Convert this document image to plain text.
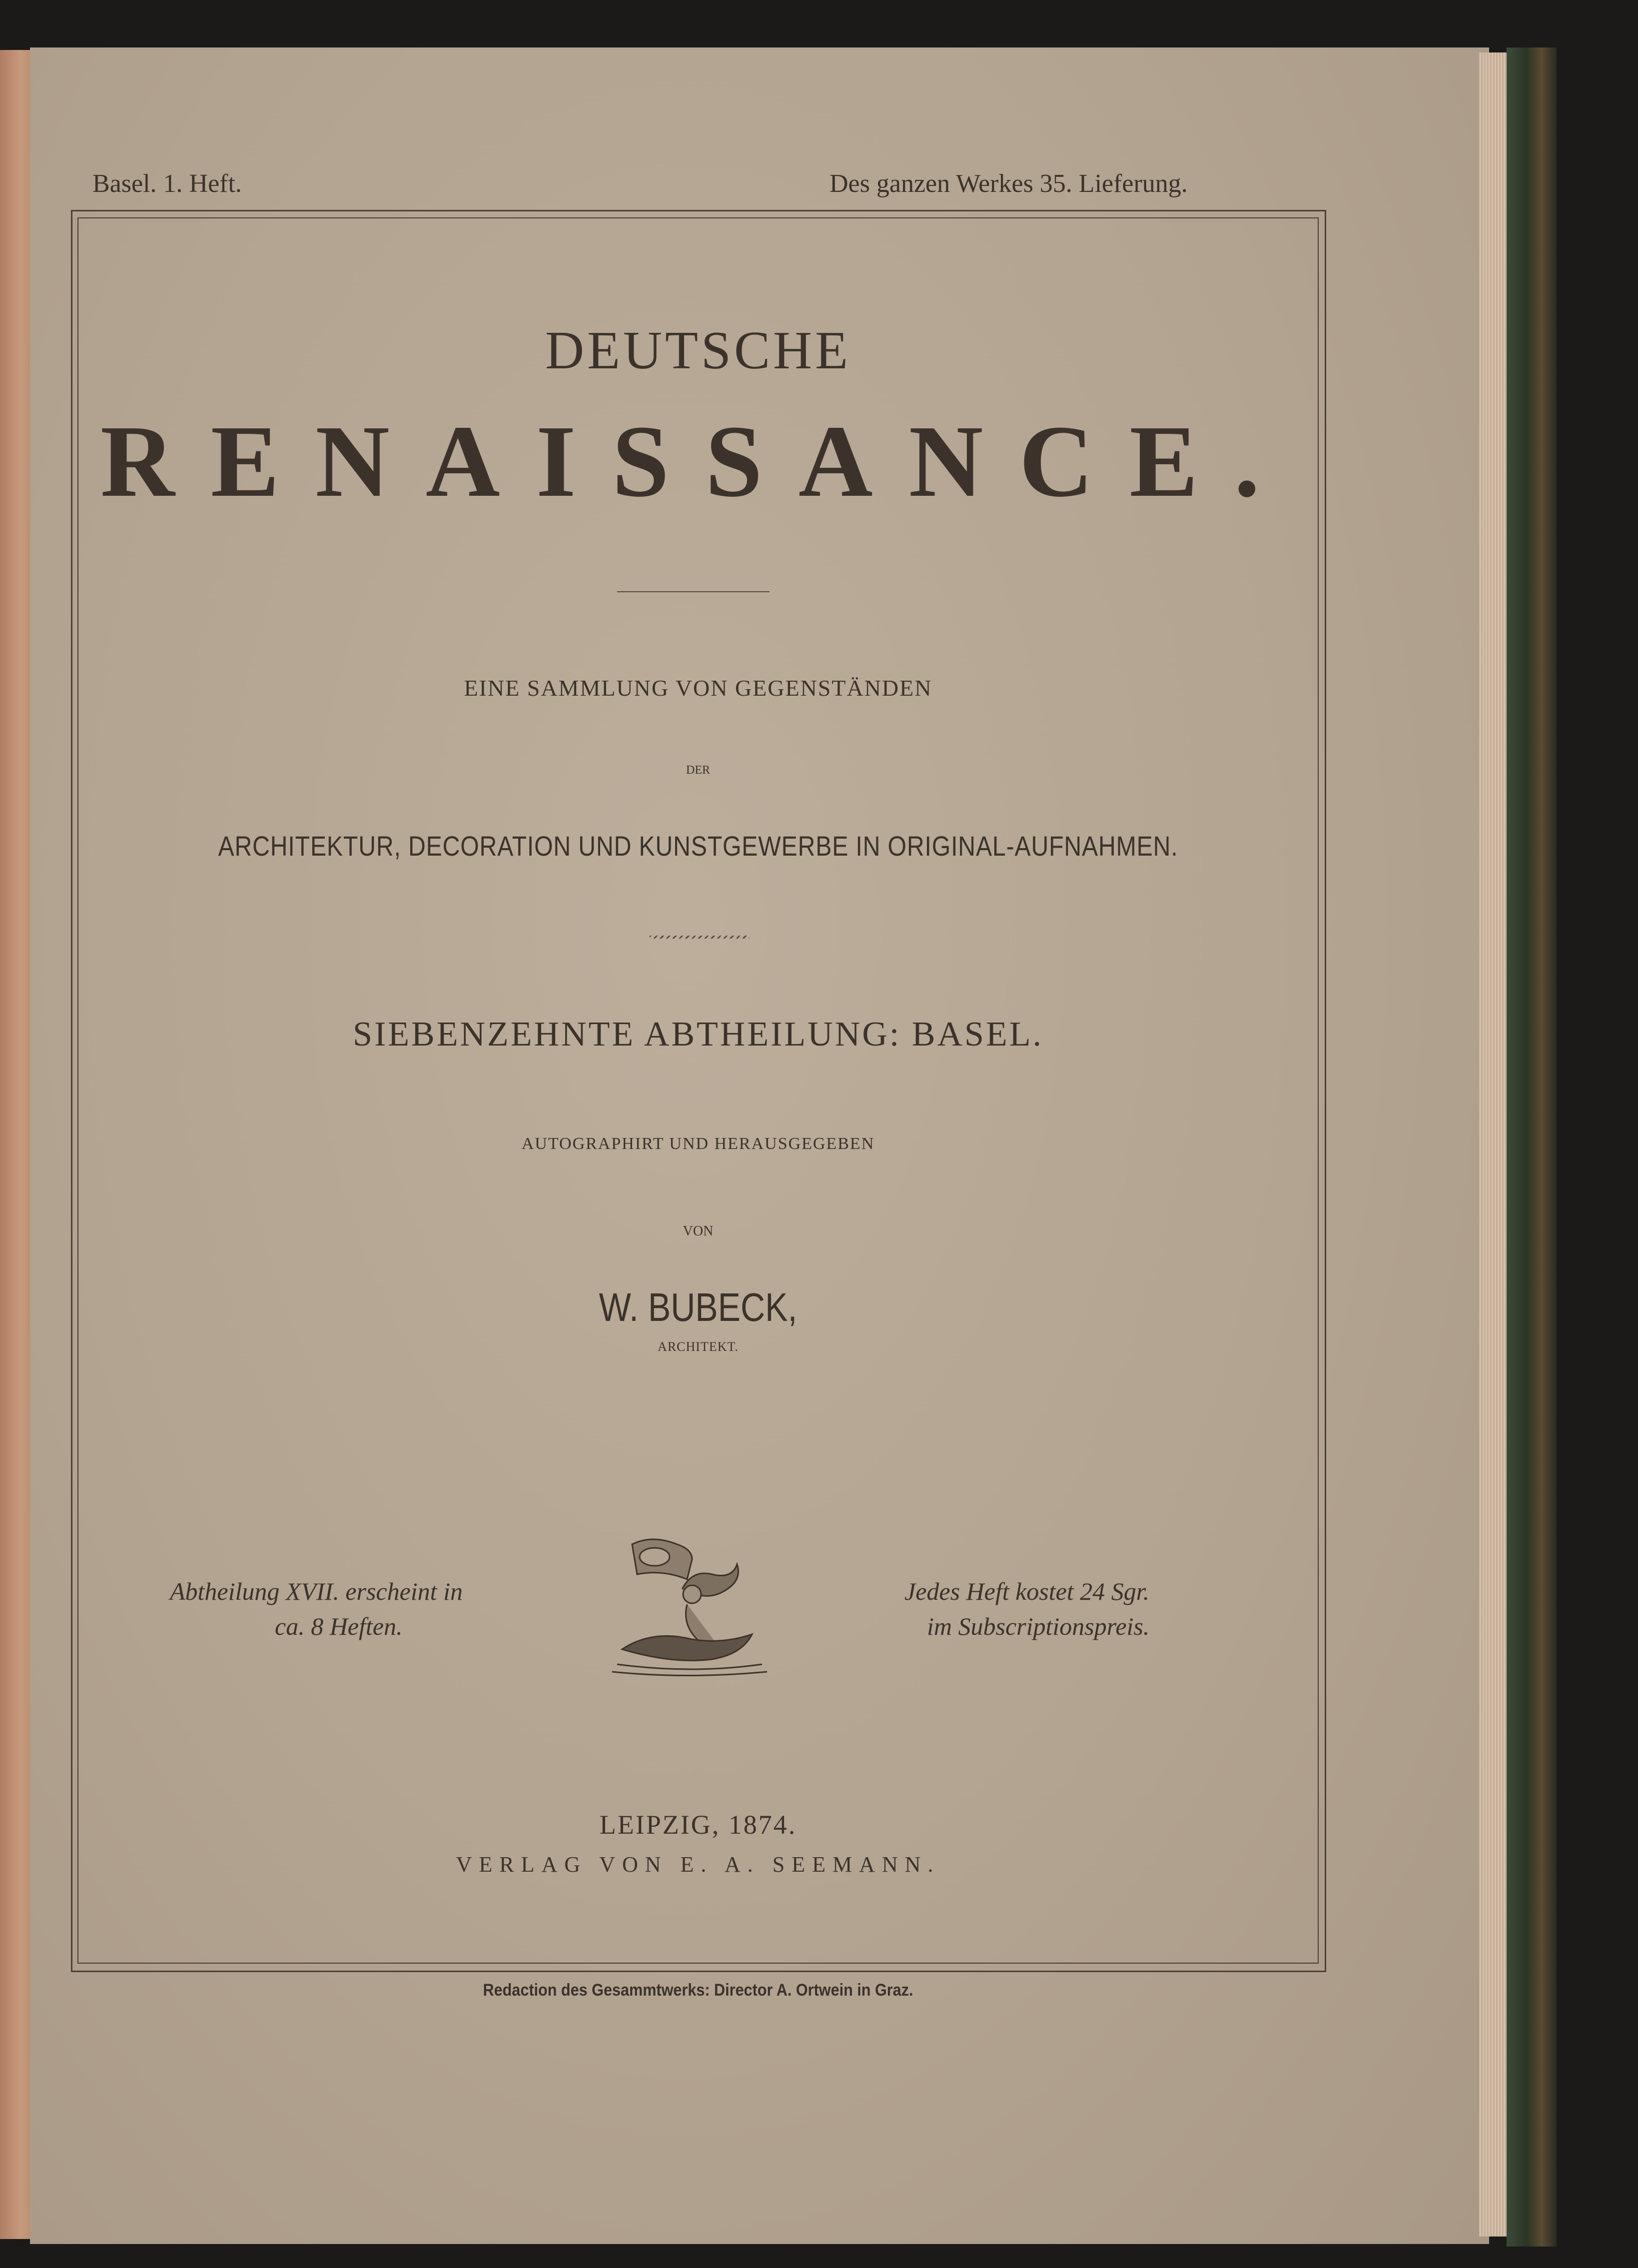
Basel. 1. Heft.	Des ganzen Werkes 35. Lieferung.

DEUTSCHE

RENAISSANCE.

EINE SAMMLUNG VON GEGENSTÄNDEN

DER

ARCHITEKTUR, DECORATION UND KUNSTGEWERBE IN ORIGINAL-AUFNAHMEN.

SIEBENZEHNTE ABTHEILUNG: BASEL.

AUTOGRAPHIRT UND HERAUSGEGEBEN

VON

W. BUBECK,

ARCHITEKT.

Abtheilung XVII. erscheint in

ca. 8 Heften.

Jedes Heft kostet 24 Sgr.

im Subscriptionspreis.

LEIPZIG, 1874.

VERLAG VON E. A. SEEMANN.

Redaction des Gesammtwerks: Director A. Ortwein in Graz.
